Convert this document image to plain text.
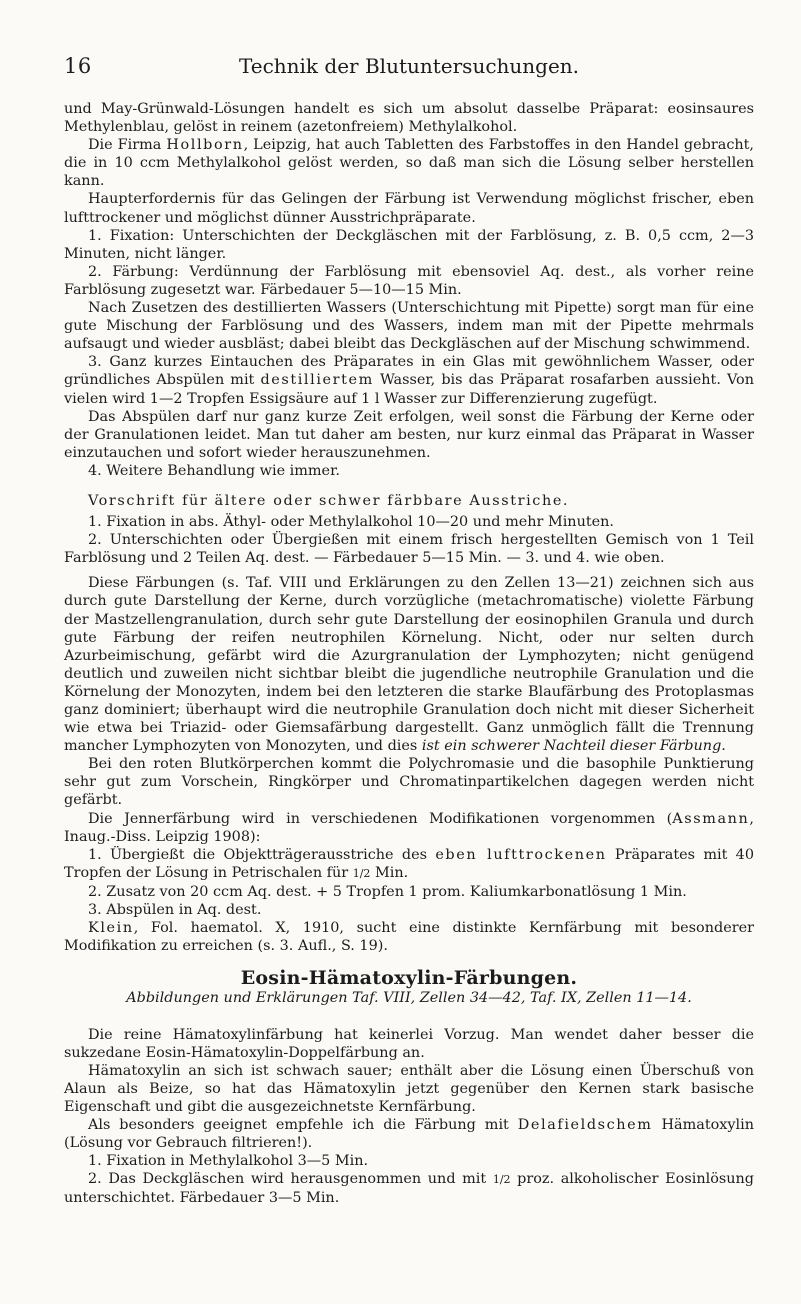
16	Technik der Blutuntersuchungen.

und May-Grünwald-Lösungen handelt es sich um absolut dasselbe Präparat: eosinsaures Methylenblau, gelöst in reinem (azetonfreiem) Methylalkohol.

Die Firma Hollborn, Leipzig, hat auch Tabletten des Farbstoffes in den Handel gebracht, die in 10 ccm Methylalkohol gelöst werden, so daß man sich die Lösung selber herstellen kann.

Haupterfordernis für das Gelingen der Färbung ist Verwendung möglichst frischer, eben lufttrockener und möglichst dünner Ausstrichpräparate.

1. Fixation: Unterschichten der Deckgläschen mit der Farblösung, z. B. 0,5 ccm, 2—3 Minuten, nicht länger.

2. Färbung: Verdünnung der Farblösung mit ebensoviel Aq. dest., als vorher reine Farblösung zugesetzt war. Färbedauer 5—10—15 Min.

Nach Zusetzen des destillierten Wassers (Unterschichtung mit Pipette) sorgt man für eine gute Mischung der Farblösung und des Wassers, indem man mit der Pipette mehrmals aufsaugt und wieder ausbläst; dabei bleibt das Deckgläschen auf der Mischung schwimmend.

3. Ganz kurzes Eintauchen des Präparates in ein Glas mit gewöhnlichem Wasser, oder gründliches Abspülen mit destilliertem Wasser, bis das Präparat rosafarben aussieht. Von vielen wird 1—2 Tropfen Essigsäure auf 1 l Wasser zur Differenzierung zugefügt.

Das Abspülen darf nur ganz kurze Zeit erfolgen, weil sonst die Färbung der Kerne oder der Granulationen leidet. Man tut daher am besten, nur kurz einmal das Präparat in Wasser einzutauchen und sofort wieder herauszunehmen.

4. Weitere Behandlung wie immer.

Vorschrift für ältere oder schwer färbbare Ausstriche.

1. Fixation in abs. Äthyl- oder Methylalkohol 10—20 und mehr Minuten.

2. Unterschichten oder Übergießen mit einem frisch hergestellten Gemisch von 1 Teil Farblösung und 2 Teilen Aq. dest. — Färbedauer 5—15 Min. — 3. und 4. wie oben.

Diese Färbungen (s. Taf. VIII und Erklärungen zu den Zellen 13—21) zeichnen sich aus durch gute Darstellung der Kerne, durch vorzügliche (metachromatische) violette Färbung der Mastzellengranulation, durch sehr gute Darstellung der eosinophilen Granula und durch gute Färbung der reifen neutrophilen Körnelung. Nicht, oder nur selten durch Azurbeimischung, gefärbt wird die Azurgranulation der Lymphozyten; nicht genügend deutlich und zuweilen nicht sichtbar bleibt die jugendliche neutrophile Granulation und die Körnelung der Monozyten, indem bei den letzteren die starke Blaufärbung des Protoplasmas ganz dominiert; überhaupt wird die neutrophile Granulation doch nicht mit dieser Sicherheit wie etwa bei Triazid- oder Giemsafärbung dargestellt. Ganz unmöglich fällt die Trennung mancher Lymphozyten von Monozyten, und dies ist ein schwerer Nachteil dieser Färbung.

Bei den roten Blutkörperchen kommt die Polychromasie und die basophile Punktierung sehr gut zum Vorschein, Ringkörper und Chromatinpartikelchen dagegen werden nicht gefärbt.

Die Jennerfärbung wird in verschiedenen Modifikationen vorgenommen (Assmann, Inaug.-Diss. Leipzig 1908):

1. Übergießt die Objektträgerausstriche des eben lufttrockenen Präparates mit 40 Tropfen der Lösung in Petrischalen für 1/2 Min.

2. Zusatz von 20 ccm Aq. dest. + 5 Tropfen 1 prom. Kaliumkarbonatlösung 1 Min.

3. Abspülen in Aq. dest.

Klein, Fol. haematol. X, 1910, sucht eine distinkte Kernfärbung mit besonderer Modifikation zu erreichen (s. 3. Aufl., S. 19).

Eosin-Hämatoxylin-Färbungen.

Abbildungen und Erklärungen Taf. VIII, Zellen 34—42, Taf. IX, Zellen 11—14.

Die reine Hämatoxylinfärbung hat keinerlei Vorzug. Man wendet daher besser die sukzedane Eosin-Hämatoxylin-Doppelfärbung an.

Hämatoxylin an sich ist schwach sauer; enthält aber die Lösung einen Überschuß von Alaun als Beize, so hat das Hämatoxylin jetzt gegenüber den Kernen stark basische Eigenschaft und gibt die ausgezeichnetste Kernfärbung.

Als besonders geeignet empfehle ich die Färbung mit Delafieldschem Hämatoxylin (Lösung vor Gebrauch filtrieren!).

1. Fixation in Methylalkohol 3—5 Min.

2. Das Deckgläschen wird herausgenommen und mit 1/2 proz. alkoholischer Eosinlösung unterschichtet. Färbedauer 3—5 Min.
